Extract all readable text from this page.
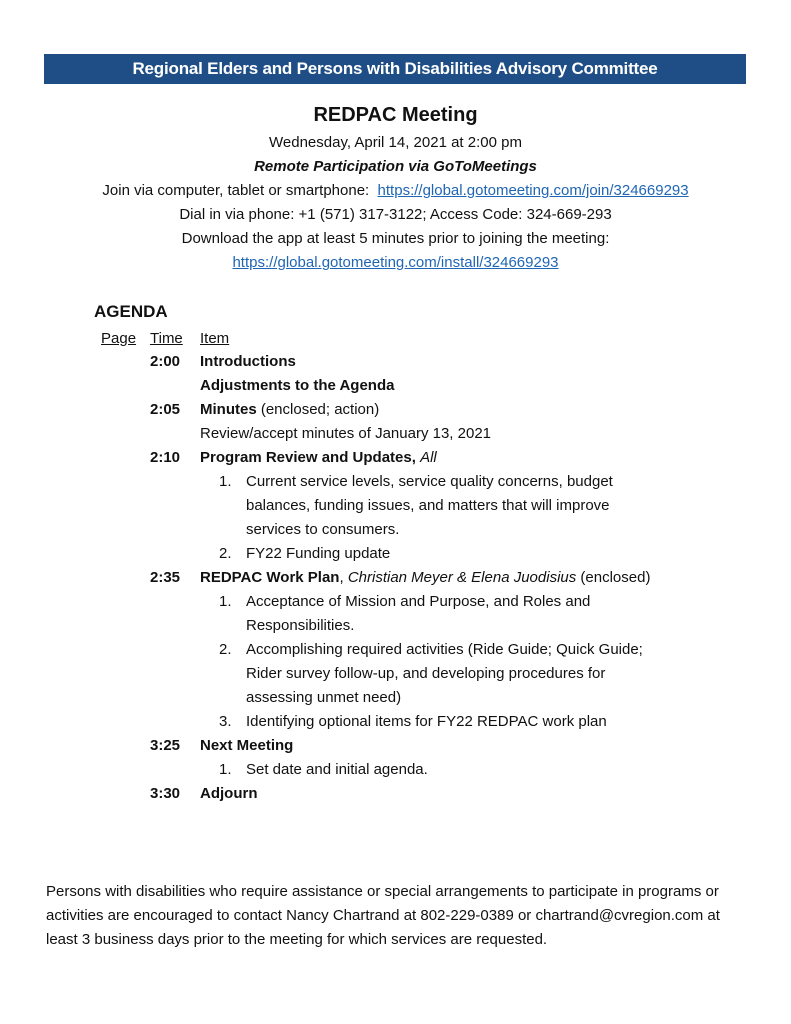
Regional Elders and Persons with Disabilities Advisory Committee
REDPAC Meeting
Wednesday, April 14, 2021 at 2:00 pm
Remote Participation via GoToMeetings
Join via computer, tablet or smartphone: https://global.gotomeeting.com/join/324669293
Dial in via phone: +1 (571) 317-3122; Access Code: 324-669-293
Download the app at least 5 minutes prior to joining the meeting:
https://global.gotomeeting.com/install/324669293
AGENDA
Page Time Item
2:00 Introductions
Adjustments to the Agenda
2:05 Minutes (enclosed; action)
Review/accept minutes of January 13, 2021
2:10 Program Review and Updates, All
1. Current service levels, service quality concerns, budget
balances, funding issues, and matters that will improve
services to consumers.
2. FY22 Funding update
2:35 REDPAC Work Plan, Christian Meyer & Elena Juodisius (enclosed)
1. Acceptance of Mission and Purpose, and Roles and
Responsibilities.
2. Accomplishing required activities (Ride Guide; Quick Guide;
Rider survey follow-up, and developing procedures for
assessing unmet need)
3. Identifying optional items for FY22 REDPAC work plan
3:25 Next Meeting
1. Set date and initial agenda.
3:30 Adjourn
Persons with disabilities who require assistance or special arrangements to participate in programs or activities are encouraged to contact Nancy Chartrand at 802-229-0389 or chartrand@cvregion.com at least 3 business days prior to the meeting for which services are requested.
